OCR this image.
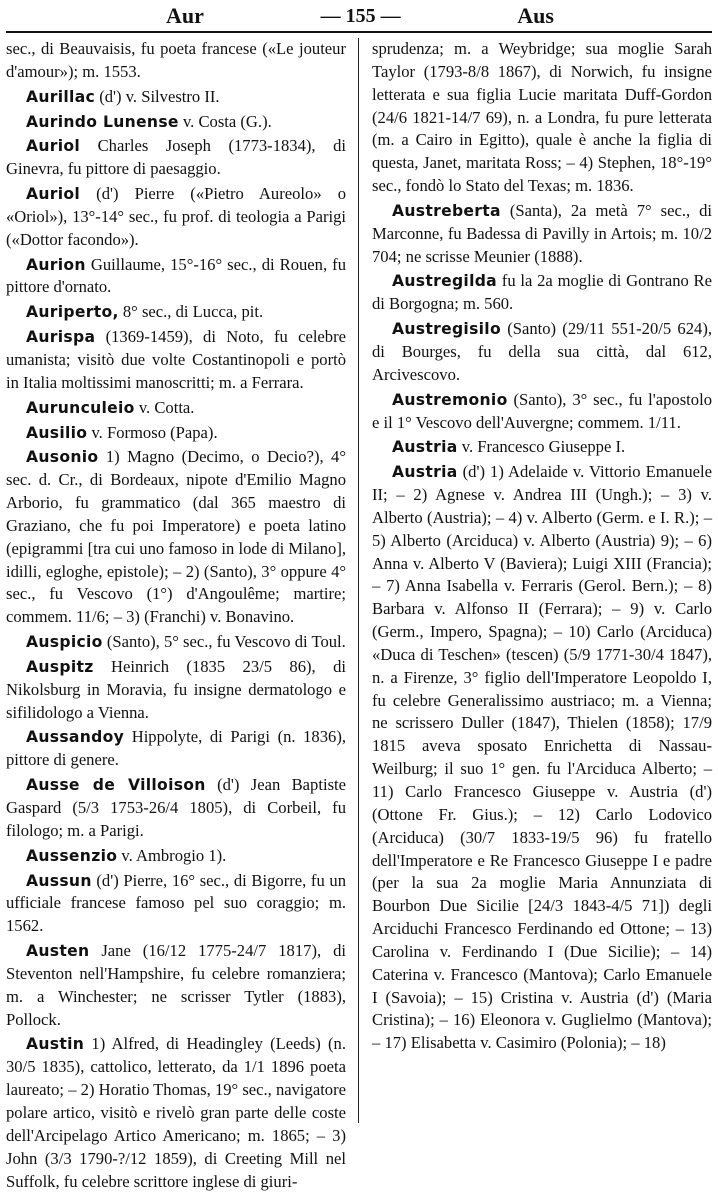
Aur	— 155 —	Aus

sec., di Beauvaisis, fu poeta francese («Le jouteur d'amour»); m. 1553.

Aurillac (d') v. Silvestro II.

Aurindo Lunense v. Costa (G.).

Auriol Charles Joseph (1773-1834), di Ginevra, fu pittore di paesaggio.

Auriol (d') Pierre («Pietro Aureolo» o «Oriol»), 13°-14° sec., fu prof. di teologia a Parigi («Dottor facondo»).

Aurion Guillaume, 15°-16° sec., di Rouen, fu pittore d'ornato.

Auriperto, 8° sec., di Lucca, pit.

Aurispa (1369-1459), di Noto, fu celebre umanista; visitò due volte Costantinopoli e portò in Italia moltissimi manoscritti; m. a Ferrara.

Aurunculeio v. Cotta.

Ausilio v. Formoso (Papa).

Ausonio 1) Magno (Decimo, o Decio?), 4° sec. d. Cr., di Bordeaux, nipote d'Emilio Magno Arborio, fu grammatico (dal 365 maestro di Graziano, che fu poi Imperatore) e poeta latino (epigrammi [tra cui uno famoso in lode di Milano], idilli, egloghe, epistole); – 2) (Santo), 3° oppure 4° sec., fu Vescovo (1°) d'Angoulême; martire; commem. 11/6; – 3) (Franchi) v. Bonavino.

Auspicio (Santo), 5° sec., fu Vescovo di Toul.

Auspitz Heinrich (1835 23/5 86), di Nikolsburg in Moravia, fu insigne dermatologo e sifilidologo a Vienna.

Aussandoy Hippolyte, di Parigi (n. 1836), pittore di genere.

Ausse de Villoison (d') Jean Baptiste Gaspard (5/3 1753-26/4 1805), di Corbeil, fu filologo; m. a Parigi.

Aussenzio v. Ambrogio 1).

Aussun (d') Pierre, 16° sec., di Bigorre, fu un ufficiale francese famoso pel suo coraggio; m. 1562.

Austen Jane (16/12 1775-24/7 1817), di Steventon nell'Hampshire, fu celebre romanziera; m. a Winchester; ne scrisser Tytler (1883), Pollock.

Austin 1) Alfred, di Headingley (Leeds) (n. 30/5 1835), cattolico, letterato, da 1/1 1896 poeta laureato; – 2) Horatio Thomas, 19° sec., navigatore polare artico, visitò e rivelò gran parte delle coste dell'Arcipelago Artico Americano; m. 1865; – 3) John (3/3 1790-?/12 1859), di Creeting Mill nel Suffolk, fu celebre scrittore inglese di giuri-

sprudenza; m. a Weybridge; sua moglie Sarah Taylor (1793-8/8 1867), di Norwich, fu insigne letterata e sua figlia Lucie maritata Duff-Gordon (24/6 1821-14/7 69), n. a Londra, fu pure letterata (m. a Cairo in Egitto), quale è anche la figlia di questa, Janet, maritata Ross; – 4) Stephen, 18°-19° sec., fondò lo Stato del Texas; m. 1836.

Austreberta (Santa), 2a metà 7° sec., di Marconne, fu Badessa di Pavilly in Artois; m. 10/2 704; ne scrisse Meunier (1888).

Austregilda fu la 2a moglie di Gontrano Re di Borgogna; m. 560.

Austregisilo (Santo) (29/11 551-20/5 624), di Bourges, fu della sua città, dal 612, Arcivescovo.

Austremonio (Santo), 3° sec., fu l'apostolo e il 1° Vescovo dell'Auvergne; commem. 1/11.

Austria v. Francesco Giuseppe I.

Austria (d') 1) Adelaide v. Vittorio Emanuele II; – 2) Agnese v. Andrea III (Ungh.); – 3) v. Alberto (Austria); – 4) v. Alberto (Germ. e I. R.); – 5) Alberto (Arciduca) v. Alberto (Austria) 9); – 6) Anna v. Alberto V (Baviera); Luigi XIII (Francia); – 7) Anna Isabella v. Ferraris (Gerol. Bern.); – 8) Barbara v. Alfonso II (Ferrara); – 9) v. Carlo (Germ., Impero, Spagna); – 10) Carlo (Arciduca) «Duca di Teschen» (tescen) (5/9 1771-30/4 1847), n. a Firenze, 3° figlio dell'Imperatore Leopoldo I, fu celebre Generalissimo austriaco; m. a Vienna; ne scrissero Duller (1847), Thielen (1858); 17/9 1815 aveva sposato Enrichetta di Nassau-Weilburg; il suo 1° gen. fu l'Arciduca Alberto; – 11) Carlo Francesco Giuseppe v. Austria (d') (Ottone Fr. Gius.); – 12) Carlo Lodovico (Arciduca) (30/7 1833-19/5 96) fu fratello dell'Imperatore e Re Francesco Giuseppe I e padre (per la sua 2a moglie Maria Annunziata di Bourbon Due Sicilie [24/3 1843-4/5 71]) degli Arciduchi Francesco Ferdinando ed Ottone; – 13) Carolina v. Ferdinando I (Due Sicilie); – 14) Caterina v. Francesco (Mantova); Carlo Emanuele I (Savoia); – 15) Cristina v. Austria (d') (Maria Cristina); – 16) Eleonora v. Guglielmo (Mantova); – 17) Elisabetta v. Casimiro (Polonia); – 18)
